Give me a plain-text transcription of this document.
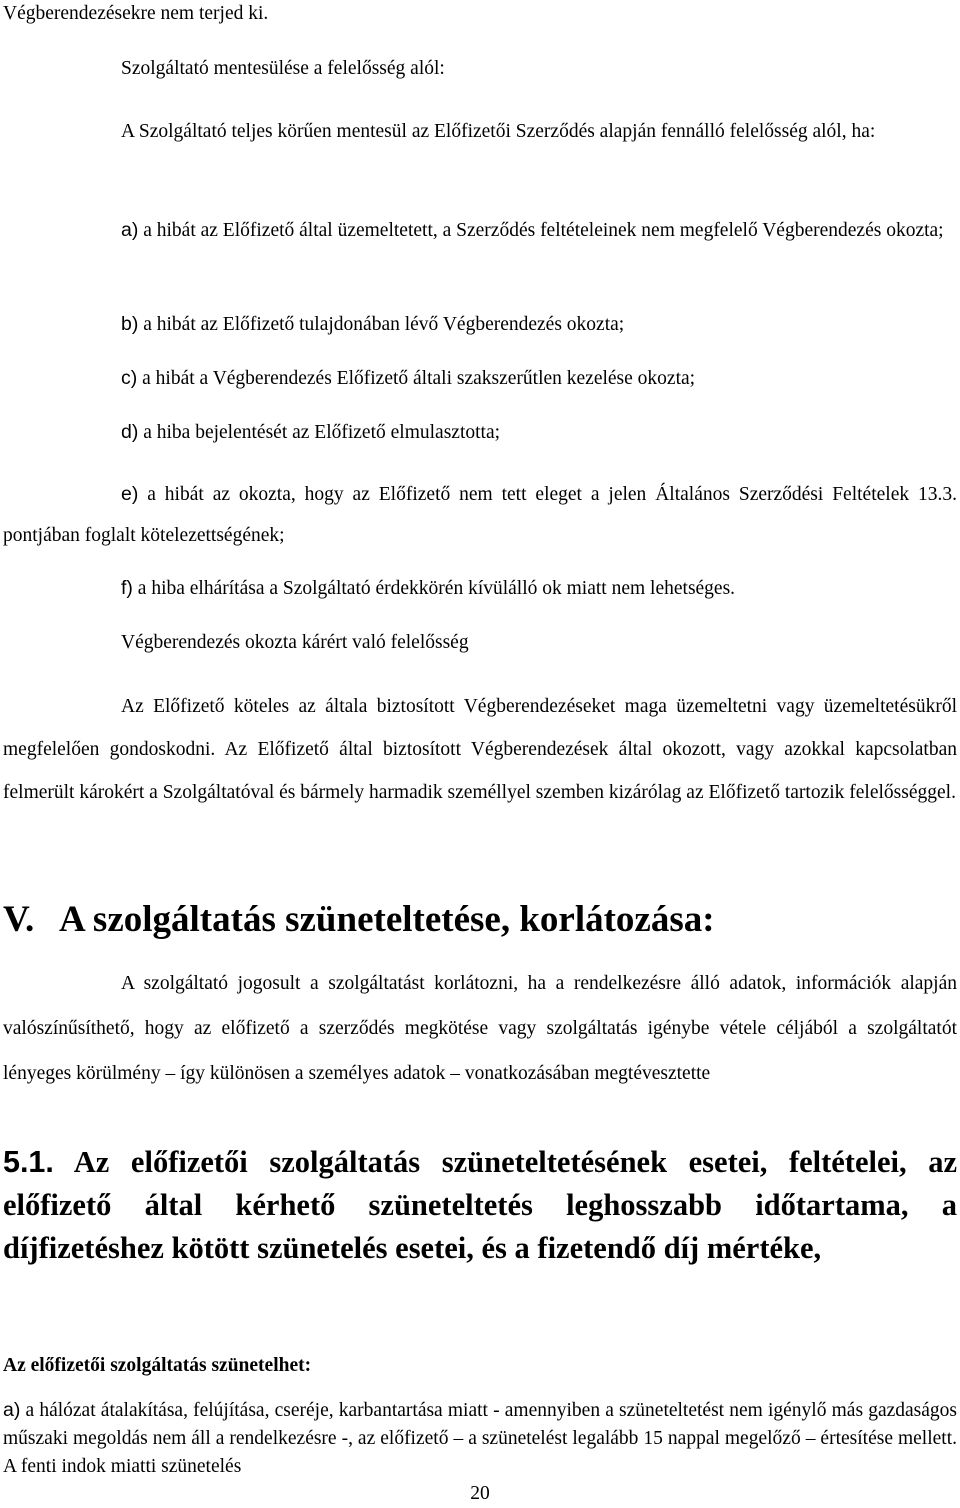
Végberendezésekre nem terjed ki.

Szolgáltató mentesülése a felelősség alól:

A Szolgáltató teljes körűen mentesül az Előfizetői Szerződés alapján fennálló felelősség alól, ha:

a) a hibát az Előfizető által üzemeltetett, a Szerződés feltételeinek nem megfelelő Végberendezés okozta;

b) a hibát az Előfizető tulajdonában lévő Végberendezés okozta;

c) a hibát a Végberendezés Előfizető általi szakszerűtlen kezelése okozta;

d) a hiba bejelentését az Előfizető elmulasztotta;

e) a hibát az okozta, hogy az Előfizető nem tett eleget a jelen Általános Szerződési Feltételek 13.3. pontjában foglalt kötelezettségének;

f) a hiba elhárítása a Szolgáltató érdekkörén kívülálló ok miatt nem lehetséges.

Végberendezés okozta kárért való felelősség

Az Előfizető köteles az általa biztosított Végberendezéseket maga üzemeltetni vagy üzemeltetésükről megfelelően gondoskodni. Az Előfizető által biztosított Végberendezések által okozott, vagy azokkal kapcsolatban felmerült károkért a Szolgáltatóval és bármely harmadik személlyel szemben kizárólag az Előfizető tartozik felelősséggel.

V. A szolgáltatás szüneteltetése, korlátozása:

A szolgáltató jogosult a szolgáltatást korlátozni, ha a rendelkezésre álló adatok, információk alapján valószínűsíthető, hogy az előfizető a szerződés megkötése vagy szolgáltatás igénybe vétele céljából a szolgáltatót lényeges körülmény – így különösen a személyes adatok – vonatkozásában megtévesztette

5.1. Az előfizetői szolgáltatás szüneteltetésének esetei, feltételei, az előfizető által kérhető szüneteltetés leghosszabb időtartama, a díjfizetéshez kötött szünetelés esetei, és a fizetendő díj mértéke,

Az előfizetői szolgáltatás szünetelhet:

a) a hálózat átalakítása, felújítása, cseréje, karbantartása miatt - amennyiben a szüneteltetést nem igénylő más gazdaságos műszaki megoldás nem áll a rendelkezésre -, az előfizető – a szünetelést legalább 15 nappal megelőző – értesítése mellett. A fenti indok miatti szünetelés

20
